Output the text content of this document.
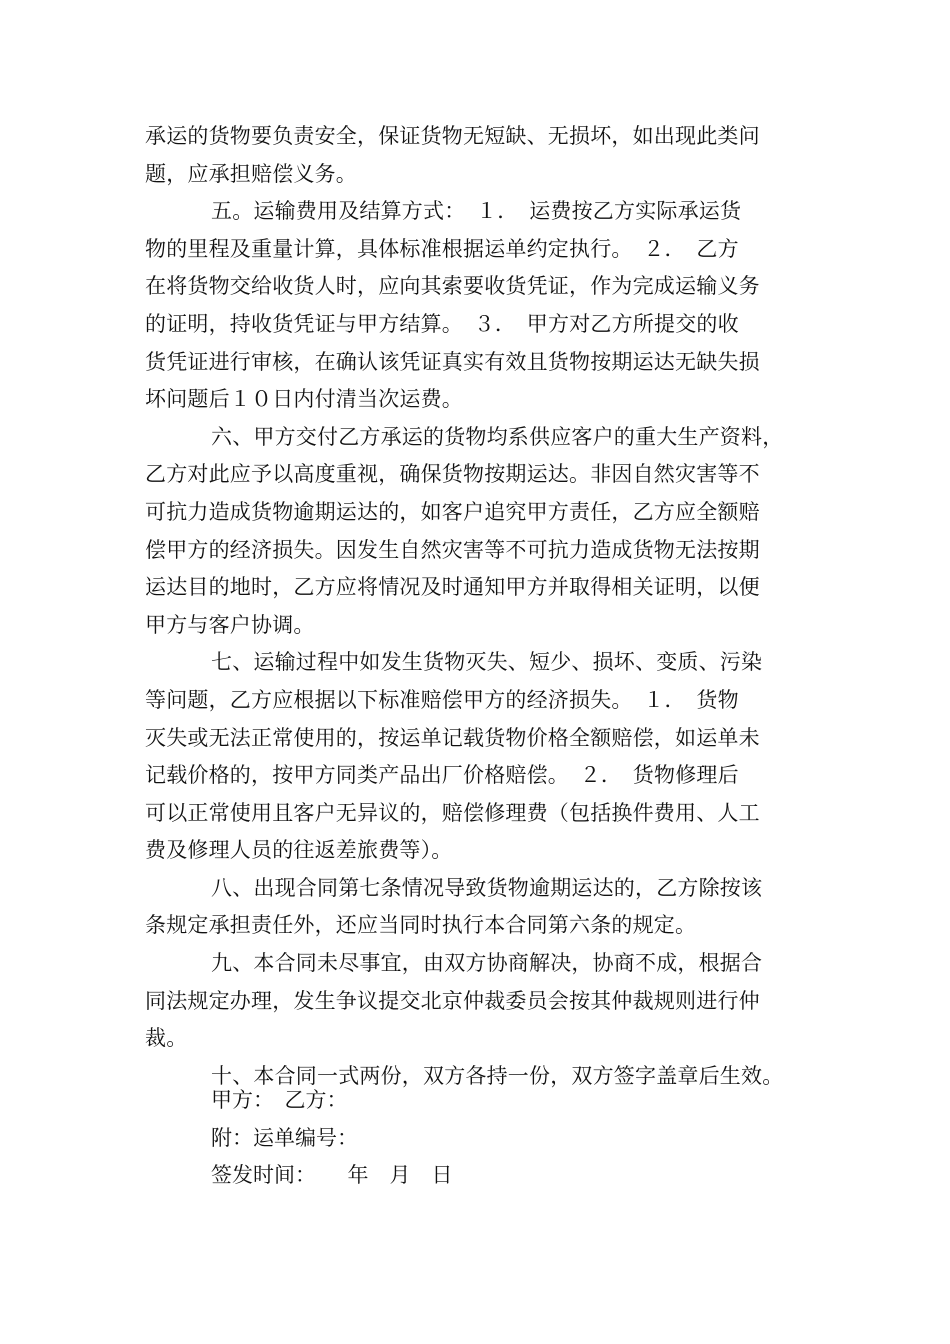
承运的货物要负责安全，保证货物无短缺、无损坏，如出现此类问
题，应承担赔偿义务。
五。运输费用及结算方式：　１．　运费按乙方实际承运货
物的里程及重量计算，具体标准根据运单约定执行。　２．　乙方
在将货物交给收货人时，应向其索要收货凭证，作为完成运输义务
的证明，持收货凭证与甲方结算。　３．　甲方对乙方所提交的收
货凭证进行审核，在确认该凭证真实有效且货物按期运达无缺失损
坏问题后１０日内付清当次运费。
六、甲方交付乙方承运的货物均系供应客户的重大生产资料，
乙方对此应予以高度重视，确保货物按期运达。非因自然灾害等不
可抗力造成货物逾期运达的，如客户追究甲方责任，乙方应全额赔
偿甲方的经济损失。因发生自然灾害等不可抗力造成货物无法按期
运达目的地时，乙方应将情况及时通知甲方并取得相关证明，以便
甲方与客户协调。
七、运输过程中如发生货物灭失、短少、损坏、变质、污染
等问题，乙方应根据以下标准赔偿甲方的经济损失。　１．　货物
灭失或无法正常使用的，按运单记载货物价格全额赔偿，如运单未
记载价格的，按甲方同类产品出厂价格赔偿。　２．　货物修理后
可以正常使用且客户无异议的，赔偿修理费（包括换件费用、人工
费及修理人员的往返差旅费等）。
八、出现合同第七条情况导致货物逾期运达的，乙方除按该
条规定承担责任外，还应当同时执行本合同第六条的规定。
九、本合同未尽事宜，由双方协商解决，协商不成，根据合
同法规定办理，发生争议提交北京仲裁委员会按其仲裁规则进行仲
裁。
十、本合同一式两份，双方各持一份，双方签字盖章后生效。
甲方：　乙方：
附：运单编号：
签发时间：　　年　月　日
